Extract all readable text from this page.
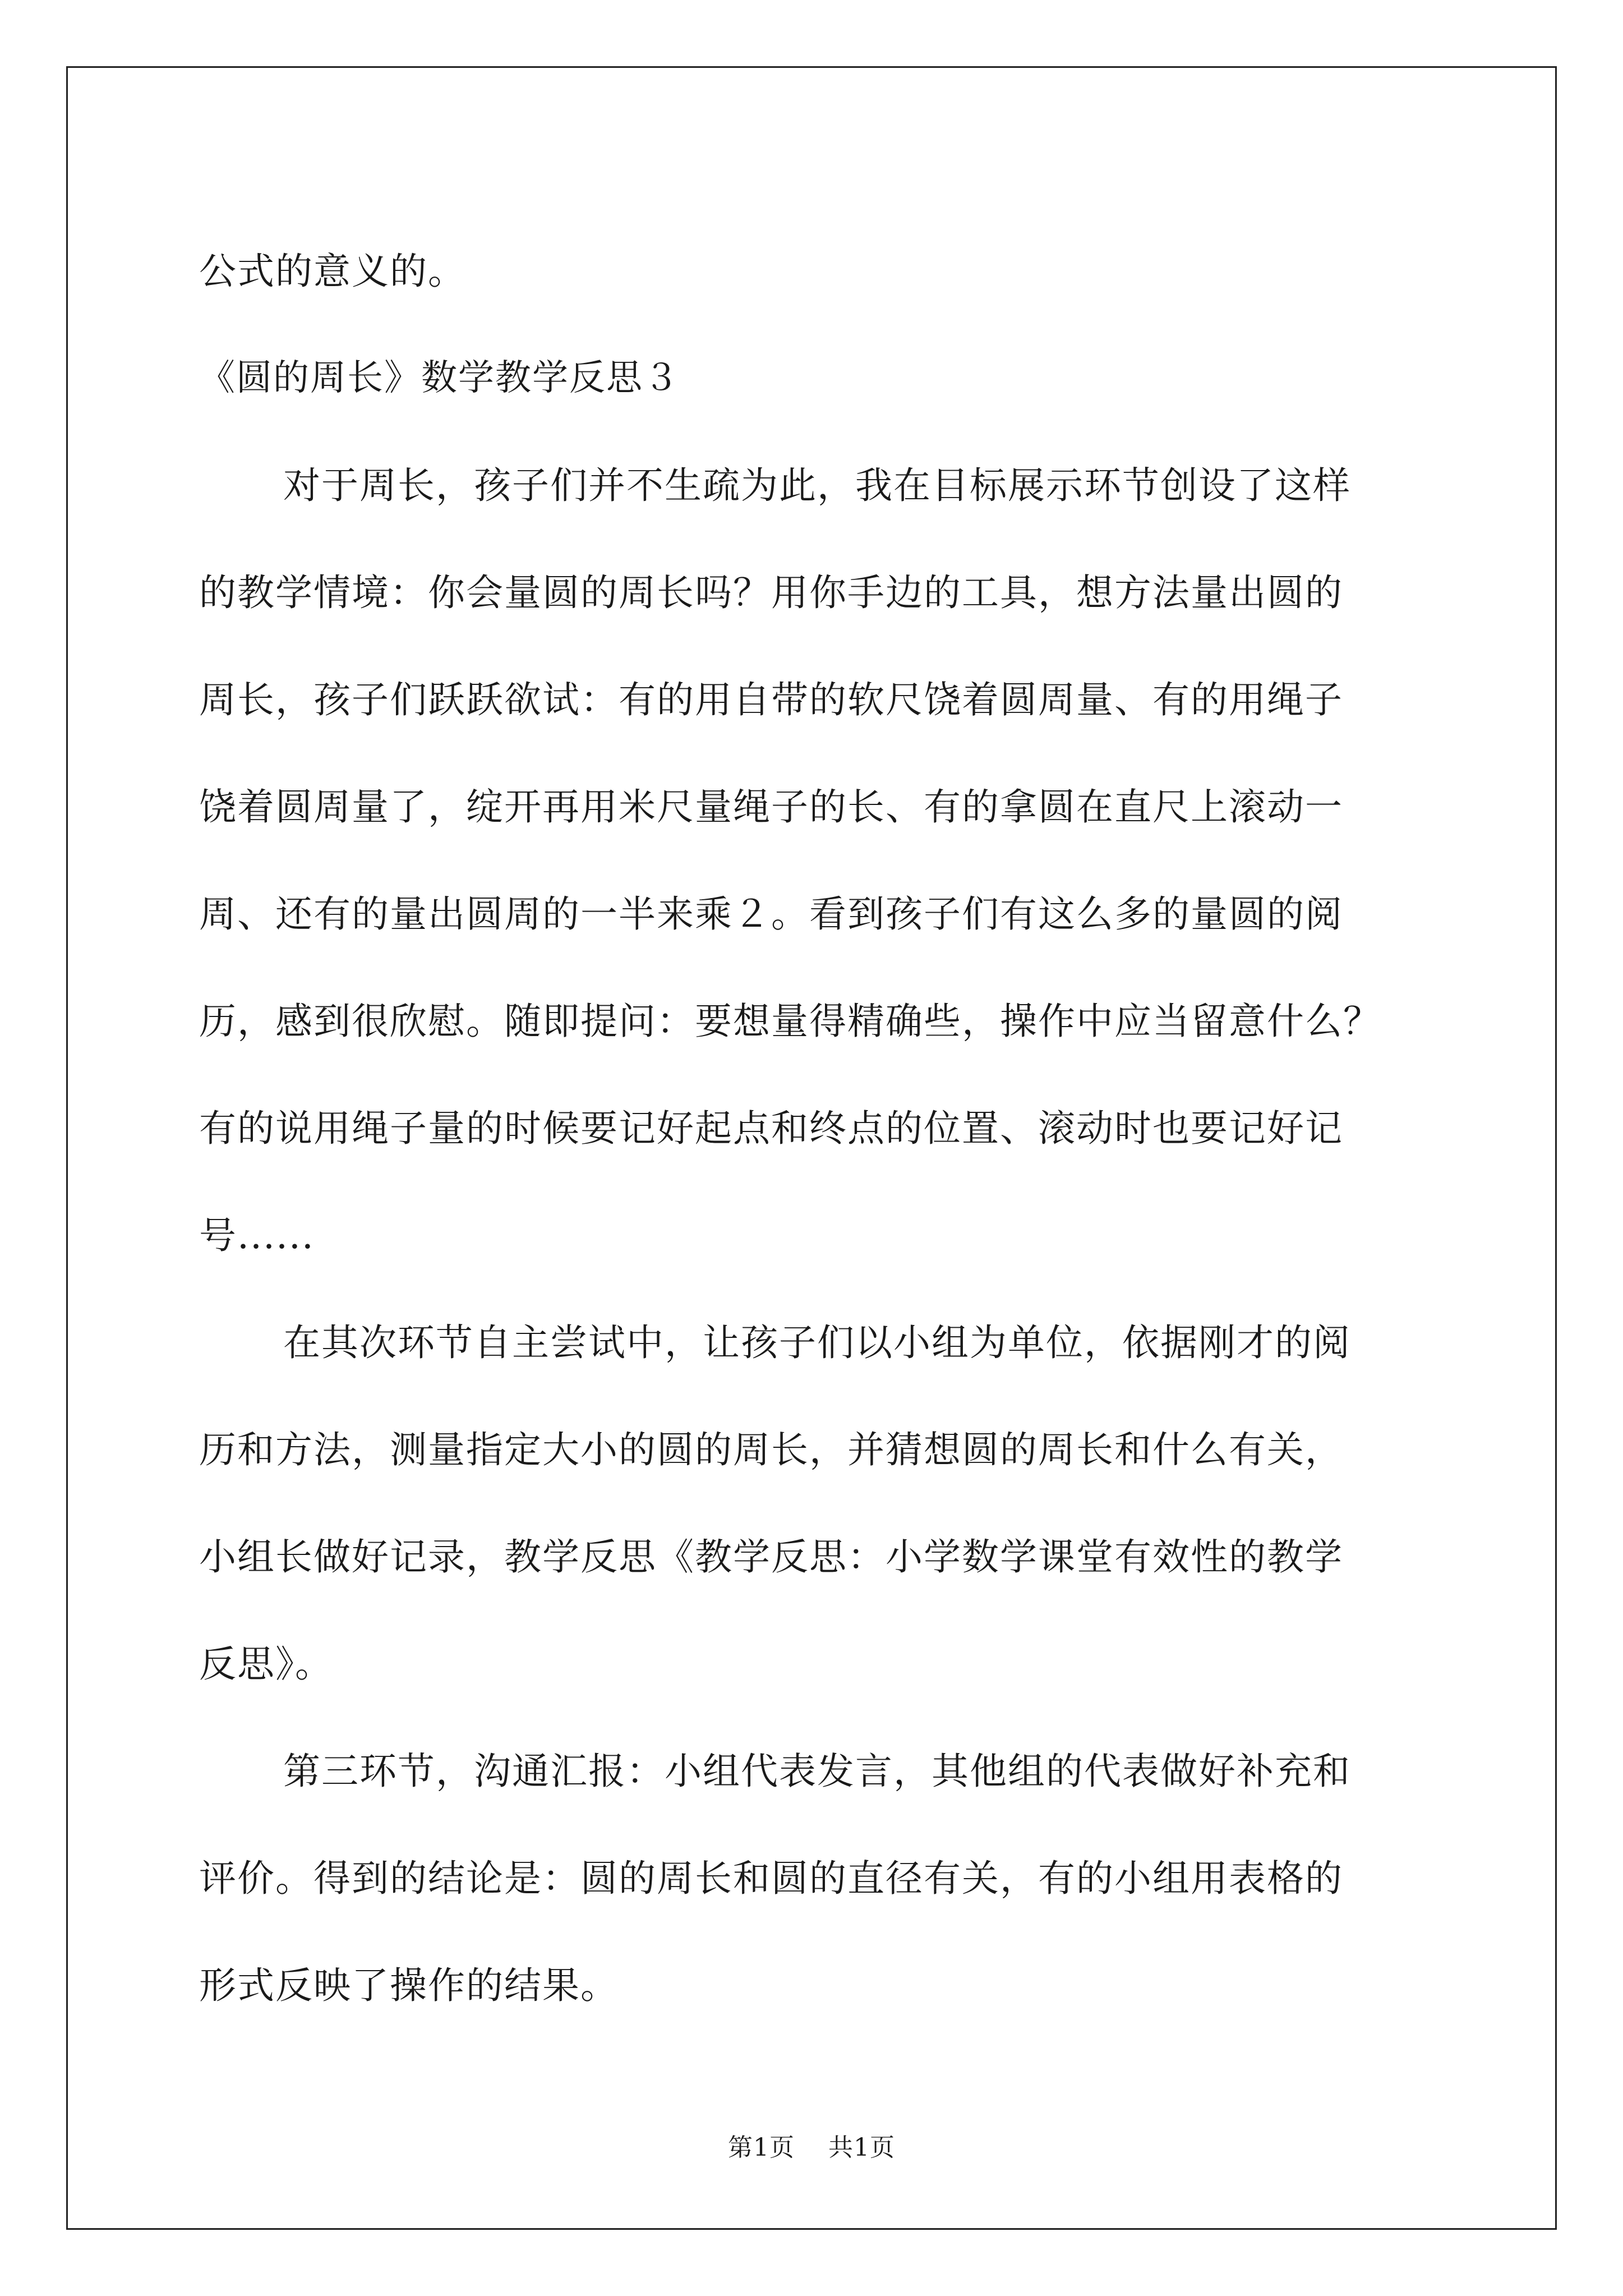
公式的意义的。
《圆的周长》数学教学反思３
对于周长，孩子们并不生疏为此，我在目标展示环节创设了这样
的教学情境：你会量圆的周长吗？用你手边的工具，想方法量出圆的
周长，孩子们跃跃欲试：有的用自带的软尺饶着圆周量、有的用绳子
饶着圆周量了，绽开再用米尺量绳子的长、有的拿圆在直尺上滚动一
周、还有的量出圆周的一半来乘２。看到孩子们有这么多的量圆的阅
历，感到很欣慰。随即提问：要想量得精确些，操作中应当留意什么？
有的说用绳子量的时候要记好起点和终点的位置、滚动时也要记好记
号......
在其次环节自主尝试中，让孩子们以小组为单位，依据刚才的阅
历和方法，测量指定大小的圆的周长，并猜想圆的周长和什么有关，
小组长做好记录，教学反思《教学反思：小学数学课堂有效性的教学
反思》。
第三环节，沟通汇报：小组代表发言，其他组的代表做好补充和
评价。得到的结论是：圆的周长和圆的直径有关，有的小组用表格的
形式反映了操作的结果。
第1页 共1页
